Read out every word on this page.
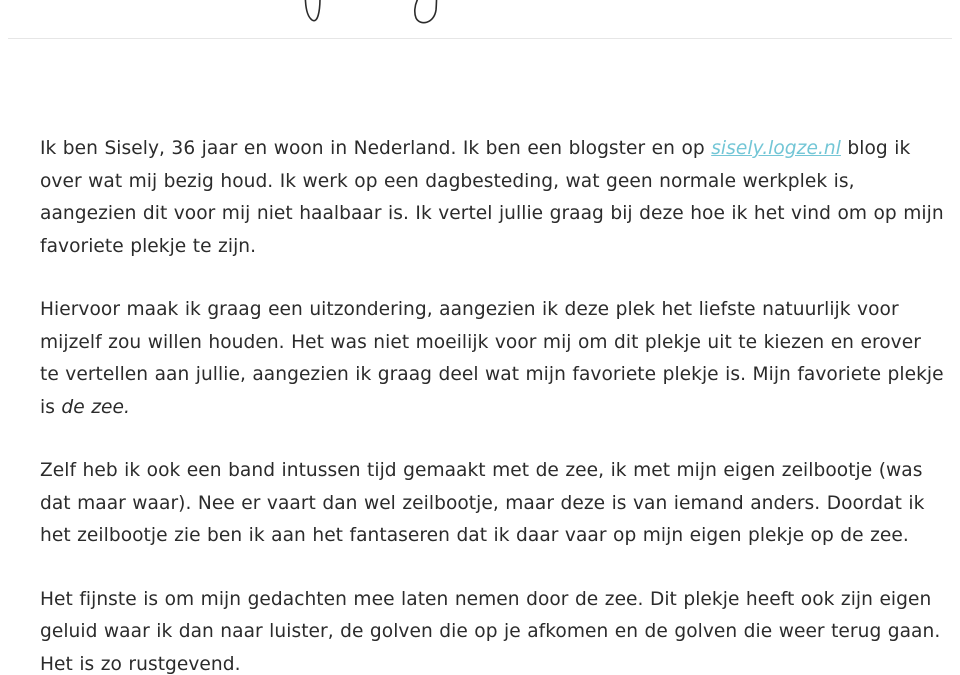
Ik ben Sisely, 36 jaar en woon in Nederland. Ik ben een blogster en op sisely.logze.nl blog ik over wat mij bezig houd. Ik werk op een dagbesteding, wat geen normale werkplek is, aangezien dit voor mij niet haalbaar is. Ik vertel jullie graag bij deze hoe ik het vind om op mijn favoriete plekje te zijn.

Hiervoor maak ik graag een uitzondering, aangezien ik deze plek het liefste natuurlijk voor mijzelf zou willen houden. Het was niet moeilijk voor mij om dit plekje uit te kiezen en erover te vertellen aan jullie, aangezien ik graag deel wat mijn favoriete plekje is. Mijn favoriete plekje is de zee.

Zelf heb ik ook een band intussen tijd gemaakt met de zee, ik met mijn eigen zeilbootje (was dat maar waar). Nee er vaart dan wel zeilbootje, maar deze is van iemand anders. Doordat ik het zeilbootje zie ben ik aan het fantaseren dat ik daar vaar op mijn eigen plekje op de zee.

Het fijnste is om mijn gedachten mee laten nemen door de zee. Dit plekje heeft ook zijn eigen geluid waar ik dan naar luister, de golven die op je afkomen en de golven die weer terug gaan. Het is zo rustgevend.
